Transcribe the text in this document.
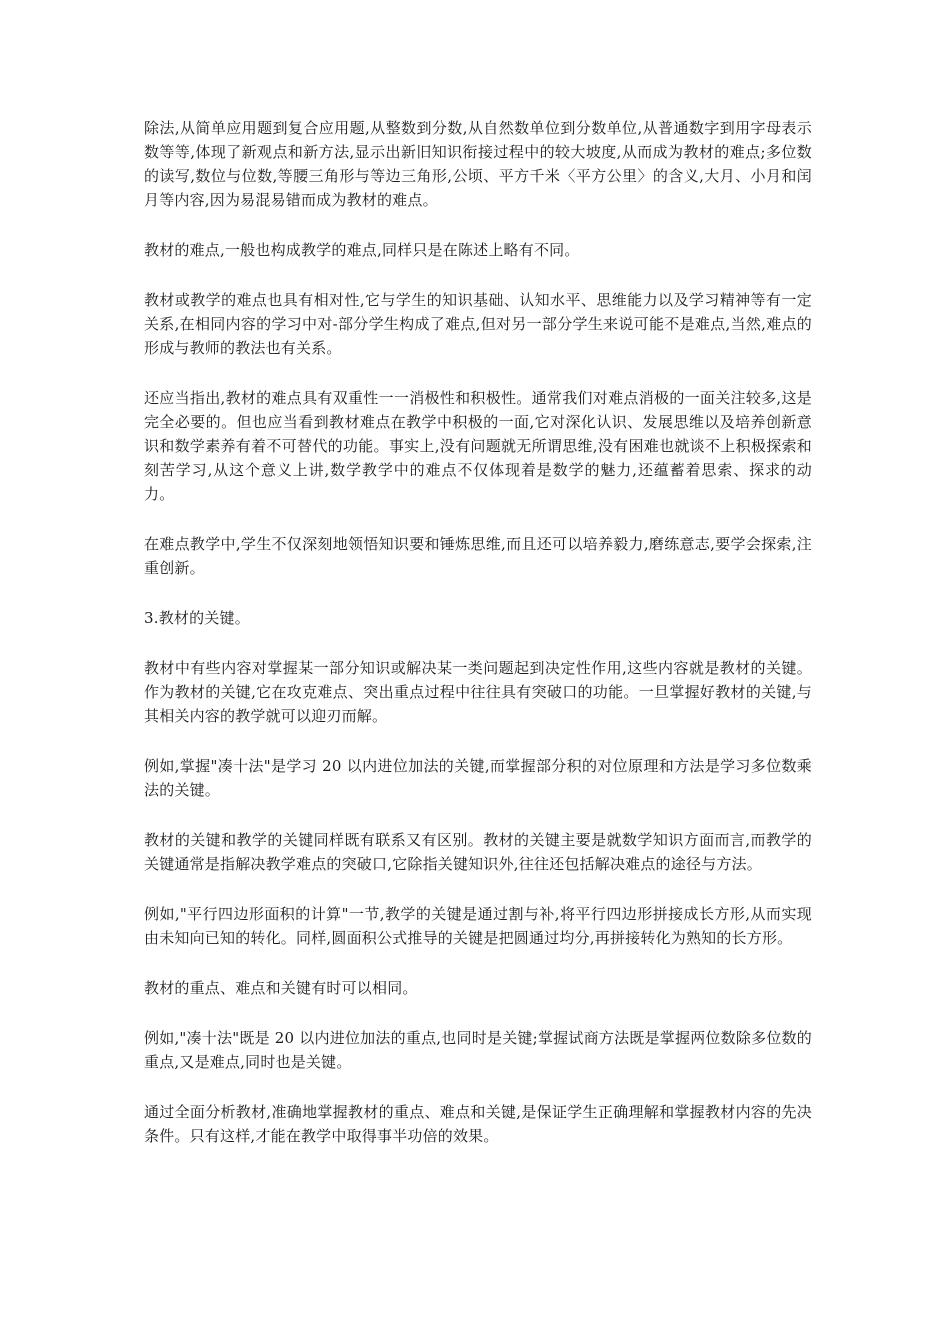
除法,从简单应用题到复合应用题,从整数到分数,从自然数单位到分数单位,从普通数字到用字母表示数等等,体现了新观点和新方法,显示出新旧知识衔接过程中的较大坡度,从而成为教材的难点;多位数的读写,数位与位数,等腰三角形与等边三角形,公顷、平方千米〈平方公里〉的含义,大月、小月和闰月等内容,因为易混易错而成为教材的难点。

教材的难点,一般也构成教学的难点,同样只是在陈述上略有不同。

教材或教学的难点也具有相对性,它与学生的知识基础、认知水平、思维能力以及学习精神等有一定关系,在相同内容的学习中对-部分学生构成了难点,但对另一部分学生来说可能不是难点,当然,难点的形成与教师的教法也有关系。

还应当指出,教材的难点具有双重性一一消极性和积极性。通常我们对难点消极的一面关注较多,这是完全必要的。但也应当看到教材难点在教学中积极的一面,它对深化认识、发展思维以及培养创新意识和数学素养有着不可替代的功能。事实上,没有问题就无所谓思维,没有困难也就谈不上积极探索和刻苦学习,从这个意义上讲,数学教学中的难点不仅体现着是数学的魅力,还蕴蓄着思索、探求的动力。

在难点教学中,学生不仅深刻地领悟知识要和锤炼思维,而且还可以培养毅力,磨练意志,要学会探索,注重创新。

3.教材的关键。

教材中有些内容对掌握某一部分知识或解决某一类问题起到决定性作用,这些内容就是教材的关键。作为教材的关键,它在攻克难点、突出重点过程中往往具有突破口的功能。一旦掌握好教材的关键,与其相关内容的教学就可以迎刃而解。

例如,掌握"凑十法"是学习 20 以内进位加法的关键,而掌握部分积的对位原理和方法是学习多位数乘法的关键。

教材的关键和教学的关键同样既有联系又有区别。教材的关键主要是就数学知识方面而言,而教学的关键通常是指解决教学难点的突破口,它除指关键知识外,往往还包括解决难点的途径与方法。

例如,"平行四边形面积的计算"一节,教学的关键是通过割与补,将平行四边形拼接成长方形,从而实现由未知向已知的转化。同样,圆面积公式推导的关键是把圆通过均分,再拼接转化为熟知的长方形。

教材的重点、难点和关键有时可以相同。

例如,"凑十法"既是 20 以内进位加法的重点,也同时是关键;掌握试商方法既是掌握两位数除多位数的重点,又是难点,同时也是关键。

通过全面分析教材,准确地掌握教材的重点、难点和关键,是保证学生正确理解和掌握教材内容的先决条件。只有这样,才能在教学中取得事半功倍的效果。
